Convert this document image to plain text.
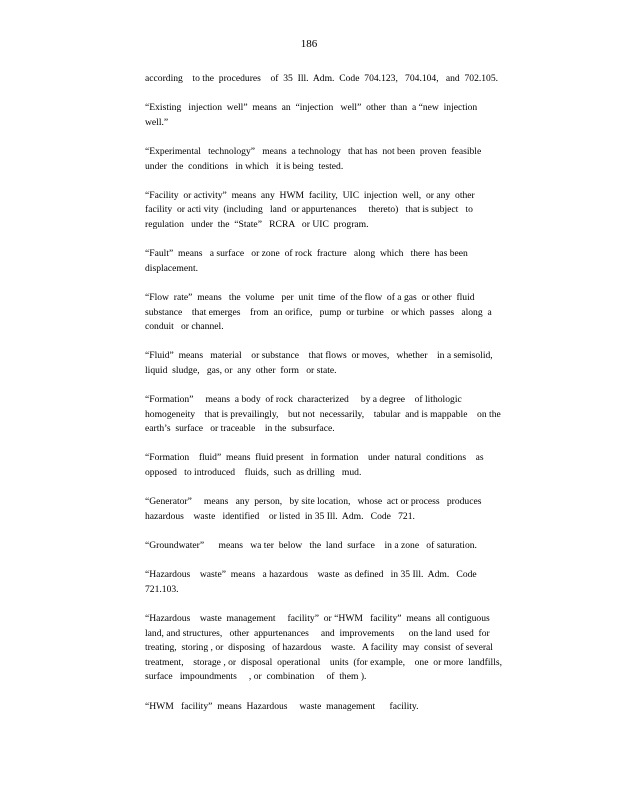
186
according    to the  procedures    of  35  Ill.  Adm.  Code  704.123,   704.104,   and  702.105.
“Existing   injection  well”  means  an  “injection   well”  other  than  a “new  injection
well.”
“Experimental   technology”   means  a technology   that has  not been  proven  feasible
under  the  conditions   in which   it is being  tested.
“Facility  or activity”  means  any  HWM  facility,  UIC  injection  well,  or any  other
facility  or acti vity  (including   land  or appurtenances     thereto)   that is subject   to
regulation   under  the  “State”   RCRA   or UIC  program.
“Fault”  means   a surface   or zone  of rock  fracture   along  which   there  has been
displacement.
“Flow  rate”  means   the  volume   per  unit  time  of the flow  of a gas  or other  fluid
substance    that emerges    from  an orifice,   pump  or turbine   or which  passes   along  a
conduit   or channel.
“Fluid”  means   material    or substance    that flows  or moves,   whether    in a semisolid,
liquid  sludge,   gas, or  any  other  form   or state.
“Formation”     means  a body  of rock  characterized     by a degree    of lithologic
homogeneity    that is prevailingly,    but not  necessarily,    tabular  and is mappable    on the
earth’s  surface   or traceable    in the  subsurface.
“Formation    fluid”  means  fluid present   in formation    under  natural  conditions    as
opposed   to introduced    fluids,  such  as drilling   mud.
“Generator”     means   any  person,   by site location,   whose  act or process   produces
hazardous    waste   identified    or listed  in 35 Ill.  Adm.   Code   721.
“Groundwater”      means   wa ter  below   the  land  surface    in a zone   of saturation.
“Hazardous    waste”  means   a hazardous    waste  as defined   in 35 Ill.  Adm.   Code
721.103.
“Hazardous    waste  management     facility”  or “HWM   facility”  means  all contiguous
land, and structures,   other  appurtenances     and  improvements      on the land  used  for
treating,  storing , or  disposing   of hazardous    waste.   A facility  may  consist  of several
treatment,    storage , or  disposal  operational    units  (for example,    one  or more  landfills,
surface   impoundments     , or  combination     of  them ).
“HWM   facility”  means  Hazardous     waste  management      facility.
